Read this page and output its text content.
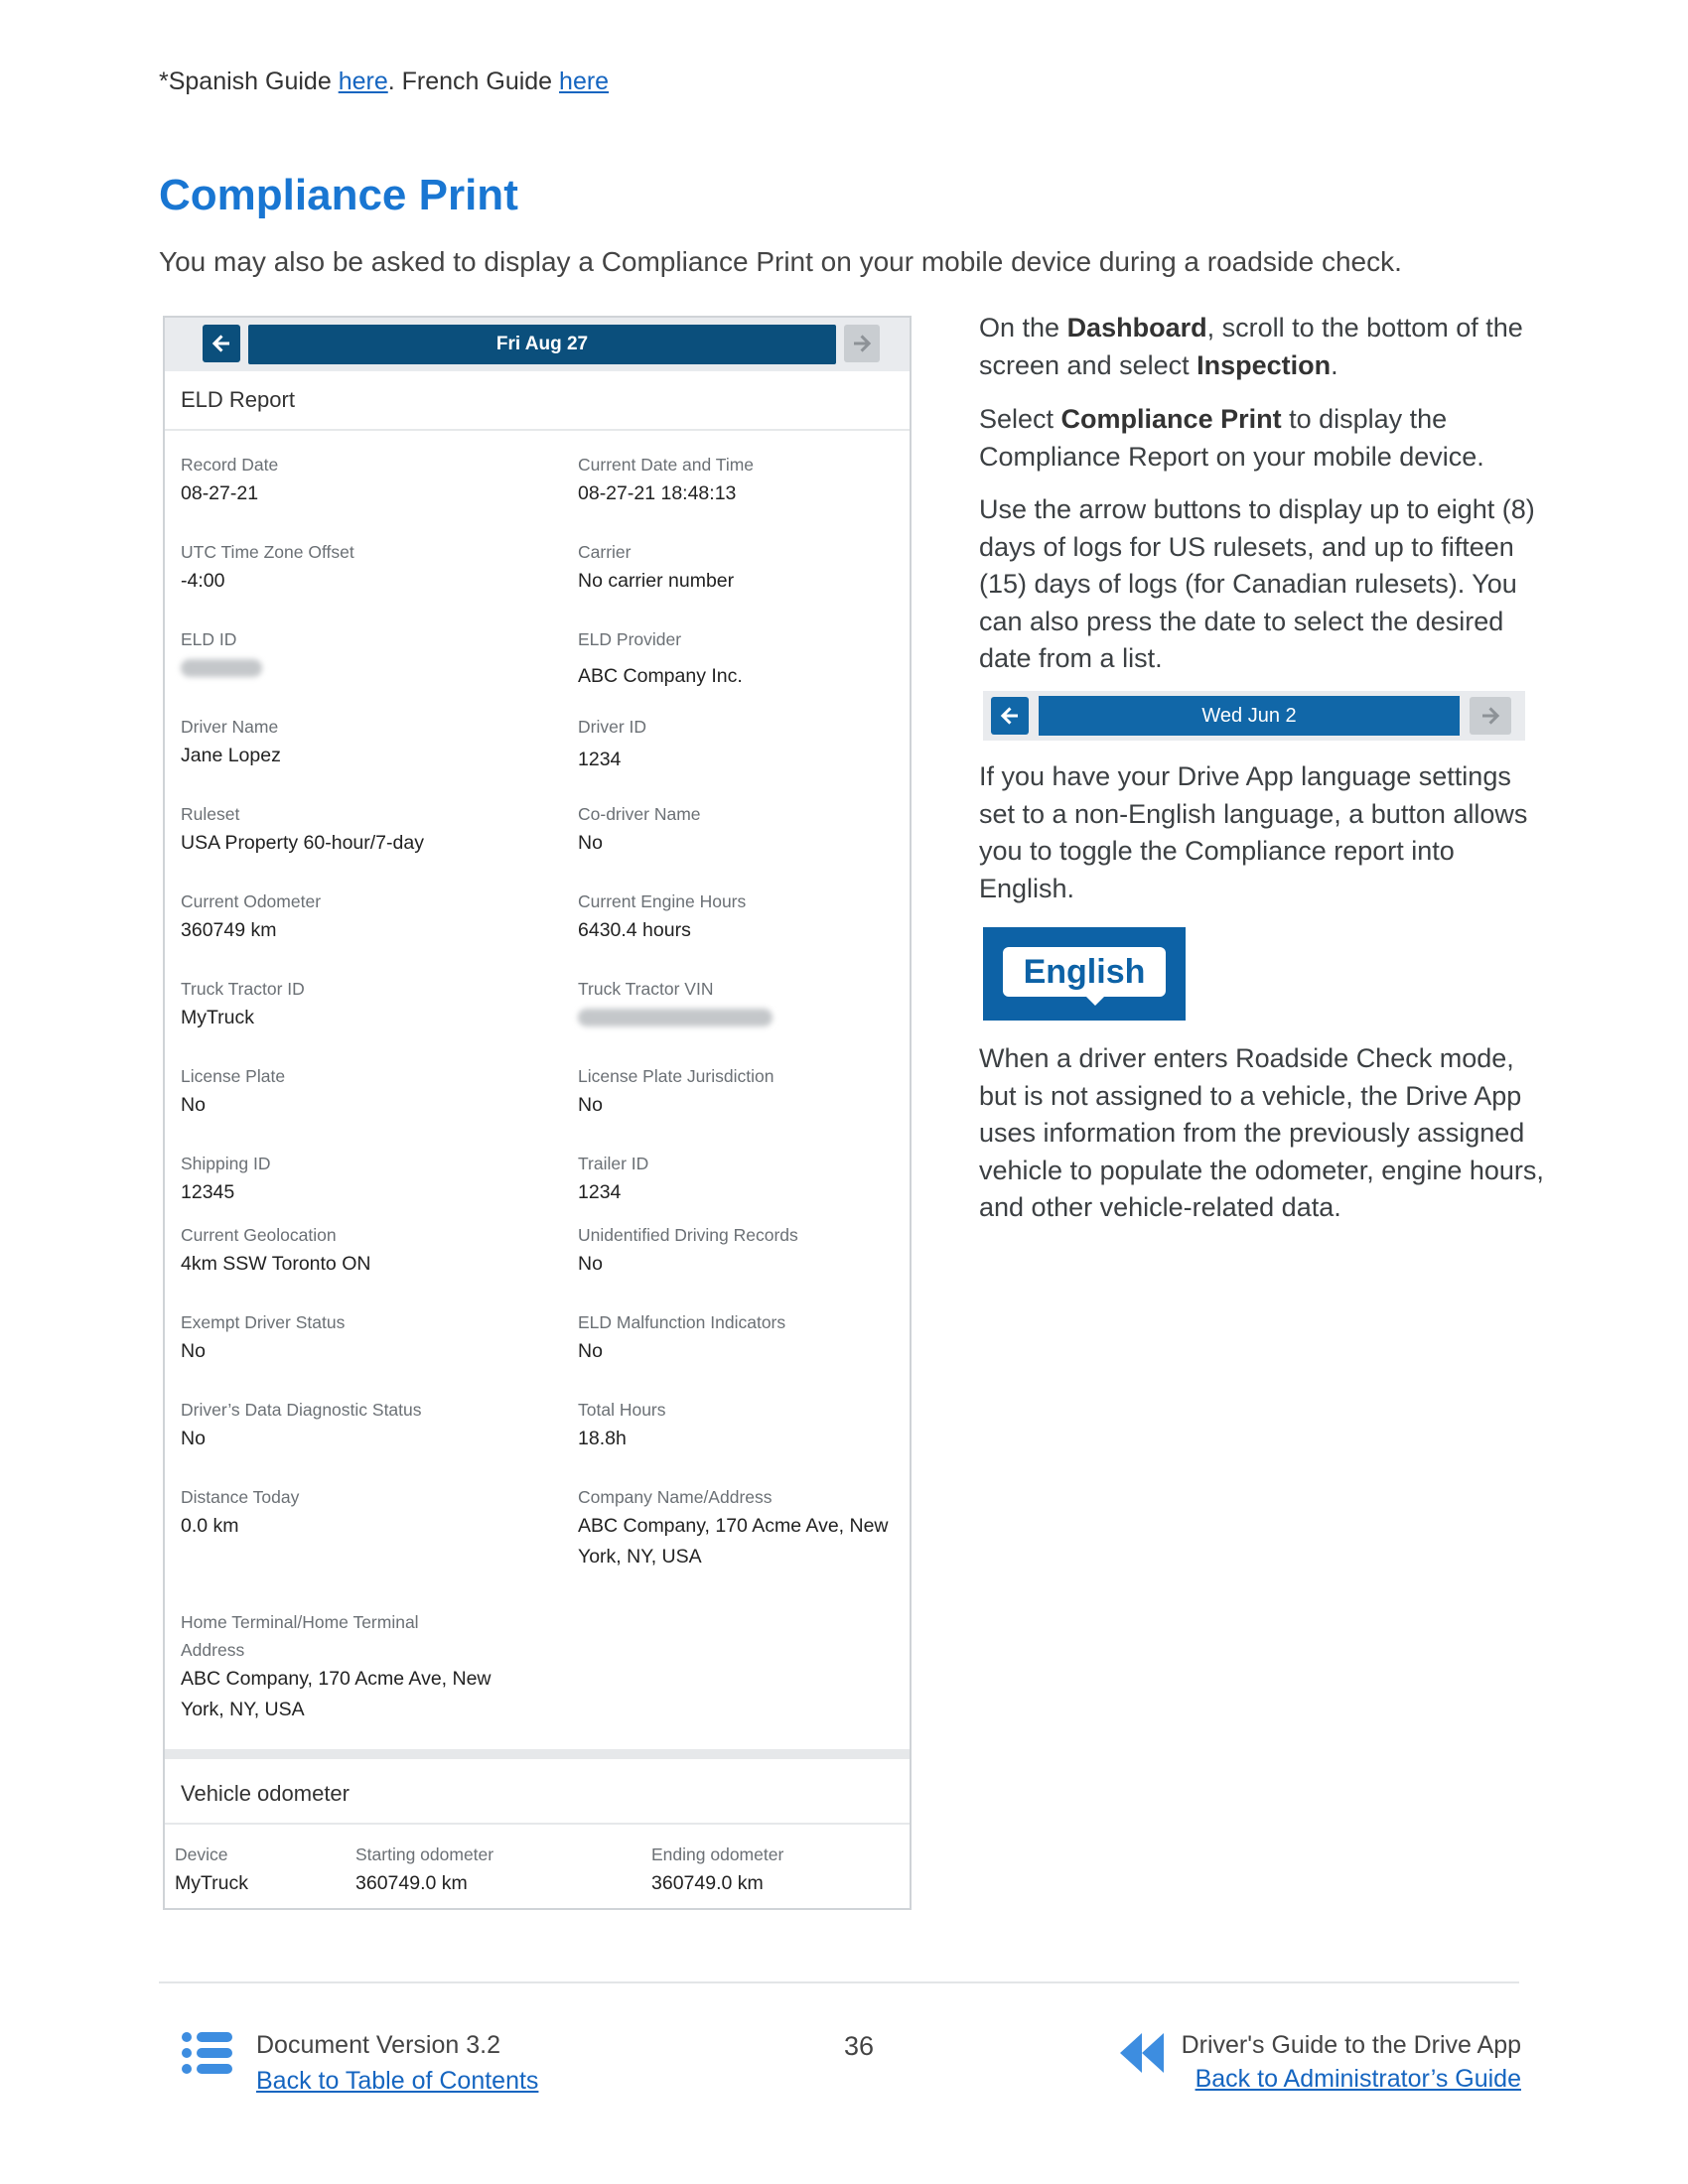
*Spanish Guide here. French Guide here
Compliance Print

You may also be asked to display a Compliance Print on your mobile device during a roadside check.

Fri Aug 27
ELD Report
Record Date
08-27-21
Current Date and Time
08-27-21 18:48:13
UTC Time Zone Offset
-4:00
Carrier
No carrier number
ELD ID	ELD Provider
ABC Company Inc.
Driver Name
Jane Lopez
Driver ID
1234
Ruleset
USA Property 60-hour/7-day
Co-driver Name
No
Current Odometer
360749 km
Current Engine Hours
6430.4 hours
Truck Tractor ID
MyTruck
Truck Tractor VIN
License Plate
No
License Plate Jurisdiction
No
Shipping ID
12345
Trailer ID
1234
Current Geolocation
4km SSW Toronto ON
Unidentified Driving Records
No
Exempt Driver Status
No
ELD Malfunction Indicators
No
Driver’s Data Diagnostic Status
No
Total Hours
18.8h
Distance Today
0.0 km
Company Name/Address
ABC Company, 170 Acme Ave, New
York, NY, USA
Home Terminal/Home Terminal
Address
ABC Company, 170 Acme Ave, New
York, NY, USA
Vehicle odometer
Device
MyTruck
Starting odometer
360749.0 km
Ending odometer
360749.0 km

On the Dashboard, scroll to the bottom of the screen and select Inspection.

Select Compliance Print to display the Compliance Report on your mobile device.

Use the arrow buttons to display up to eight (8) days of logs for US rulesets, and up to fifteen (15) days of logs (for Canadian rulesets). You can also press the date to select the desired date from a list.

Wed Jun 2

If you have your Drive App language settings set to a non-English language, a button allows you to toggle the Compliance report into English.

English

When a driver enters Roadside Check mode, but is not assigned to a vehicle, the Drive App uses information from the previously assigned vehicle to populate the odometer, engine hours, and other vehicle-related data.

Document Version 3.2
Back to Table of Contents
36	Driver's Guide to the Drive App
Back to Administrator’s Guide
